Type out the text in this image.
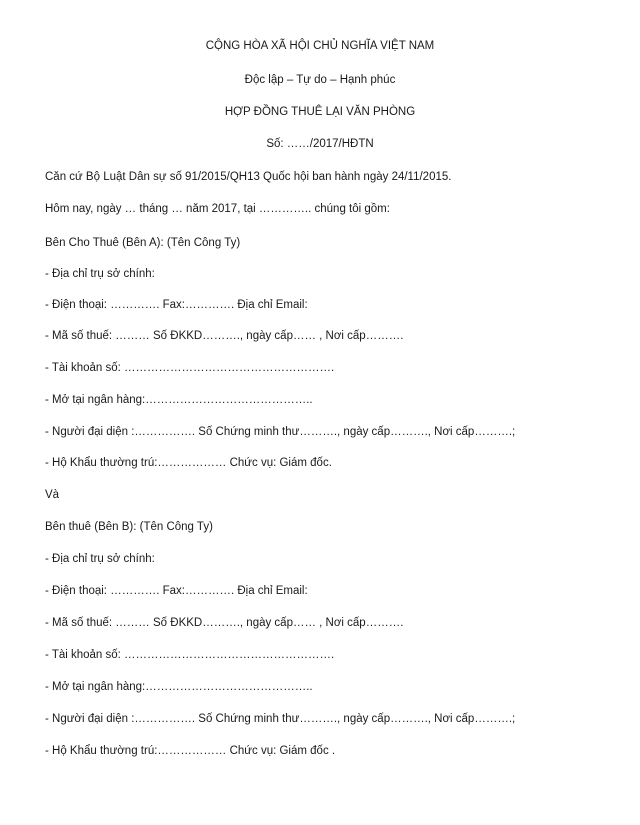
CỘNG HÒA XÃ HỘI CHỦ NGHĨA VIỆT NAM
Độc lập – Tự do – Hạnh phúc
HỢP ĐỒNG THUÊ LẠI VĂN PHÒNG
Số: ……/2017/HĐTN
Căn cứ Bộ Luật Dân sự số 91/2015/QH13 Quốc hội ban hành ngày 24/11/2015.
Hôm nay, ngày … tháng … năm 2017, tại ………….. chúng tôi gồm:
Bên Cho Thuê (Bên A): (Tên Công Ty)
- Địa chỉ trụ sở chính:
- Điện thoại: …………. Fax:…………. Địa chỉ Email:
- Mã số thuế: ……… Số ĐKKD………., ngày cấp…… , Nơi cấp……….
- Tài khoản số: ……………………………………………….
- Mở tại ngân hàng:……………………………………..
- Người đại diện :……………. Số Chứng minh thư………., ngày cấp………., Nơi cấp……….;
- Hộ Khẩu thường trú:……………… Chức vụ: Giám đốc.
Và
Bên thuê (Bên B): (Tên Công Ty)
- Địa chỉ trụ sở chính:
- Điện thoại: …………. Fax:…………. Địa chỉ Email:
- Mã số thuế: ……… Số ĐKKD………., ngày cấp…… , Nơi cấp……….
- Tài khoản số: ……………………………………………….
- Mở tại ngân hàng:……………………………………..
- Người đại diện :……………. Số Chứng minh thư………., ngày cấp………., Nơi cấp……….;
- Hộ Khẩu thường trú:……………… Chức vụ: Giám đốc .
